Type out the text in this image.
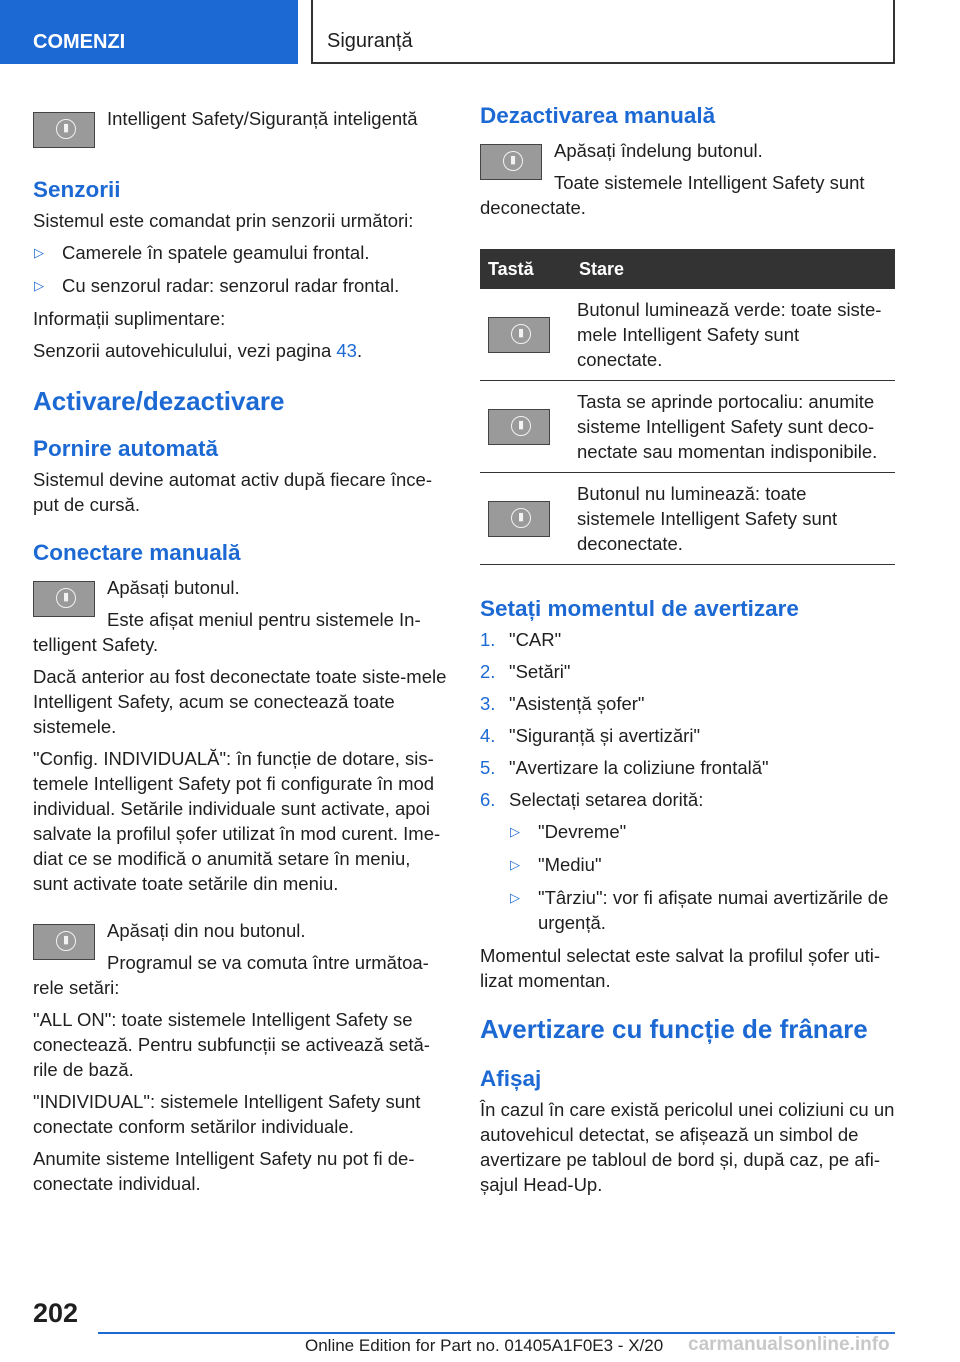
COMENZI	Siguranță
▮	Intelligent Safety/Siguranță inteligentă

Senzorii

Sistemul este comandat prin senzorii următori:

▷ Camerele în spatele geamului frontal.
▷ Cu senzorul radar: senzorul radar frontal.

Informații suplimentare:

Senzorii autovehiculului, vezi pagina 43.

Activare/dezactivare
Pornire automată

Sistemul devine automat activ după fiecare înce-put de cursă.

Conectare manuală
▮	Apăsați butonul.

Este afișat meniul pentru sistemele In-telligent Safety.

Dacă anterior au fost deconectate toate siste-mele Intelligent Safety, acum se conectează toate sistemele.

"Config. INDIVIDUALĂ": în funcție de dotare, sis-temele Intelligent Safety pot fi configurate în mod individual. Setările individuale sunt activate, apoi salvate la profilul șofer utilizat în mod curent. Ime-diat ce se modifică o anumită setare în meniu, sunt activate toate setările din meniu.

▮	Apăsați din nou butonul.

Programul se va comuta între următoa-rele setări:

"ALL ON": toate sistemele Intelligent Safety se conectează. Pentru subfuncții se activează setă-rile de bază.

"INDIVIDUAL": sistemele Intelligent Safety sunt conectate conform setărilor individuale.

Anumite sisteme Intelligent Safety nu pot fi de-conectate individual.

Dezactivarea manuală
▮	Apăsați îndelung butonul.

Toate sistemele Intelligent Safety sunt deconectate.

Tastă	Stare

▮	Butonul luminează verde: toate siste-mele Intelligent Safety sunt conectate.

▮	Tasta se aprinde portocaliu: anumite sisteme Intelligent Safety sunt deco-nectate sau momentan indisponibile.

▮	Butonul nu luminează: toate sistemele Intelligent Safety sunt deconectate.
Setați momentul de avertizare
1. "CAR"
2. "Setări"
3. "Asistență șofer"
4. "Siguranță și avertizări"
5. "Avertizare la coliziune frontală"
6. Selectați setarea dorită:
▷ "Devreme"
▷ "Mediu"
▷ "Târziu": vor fi afișate numai avertizările de urgență.

Momentul selectat este salvat la profilul șofer uti-lizat momentan.

Avertizare cu funcție de frânare
Afișaj

În cazul în care există pericolul unei coliziuni cu un autovehicul detectat, se afișează un simbol de avertizare pe tabloul de bord și, după caz, pe afi-șajul Head-Up.

202
Online Edition for Part no. 01405A1F0E3 - X/20 carmanualsonline.info
